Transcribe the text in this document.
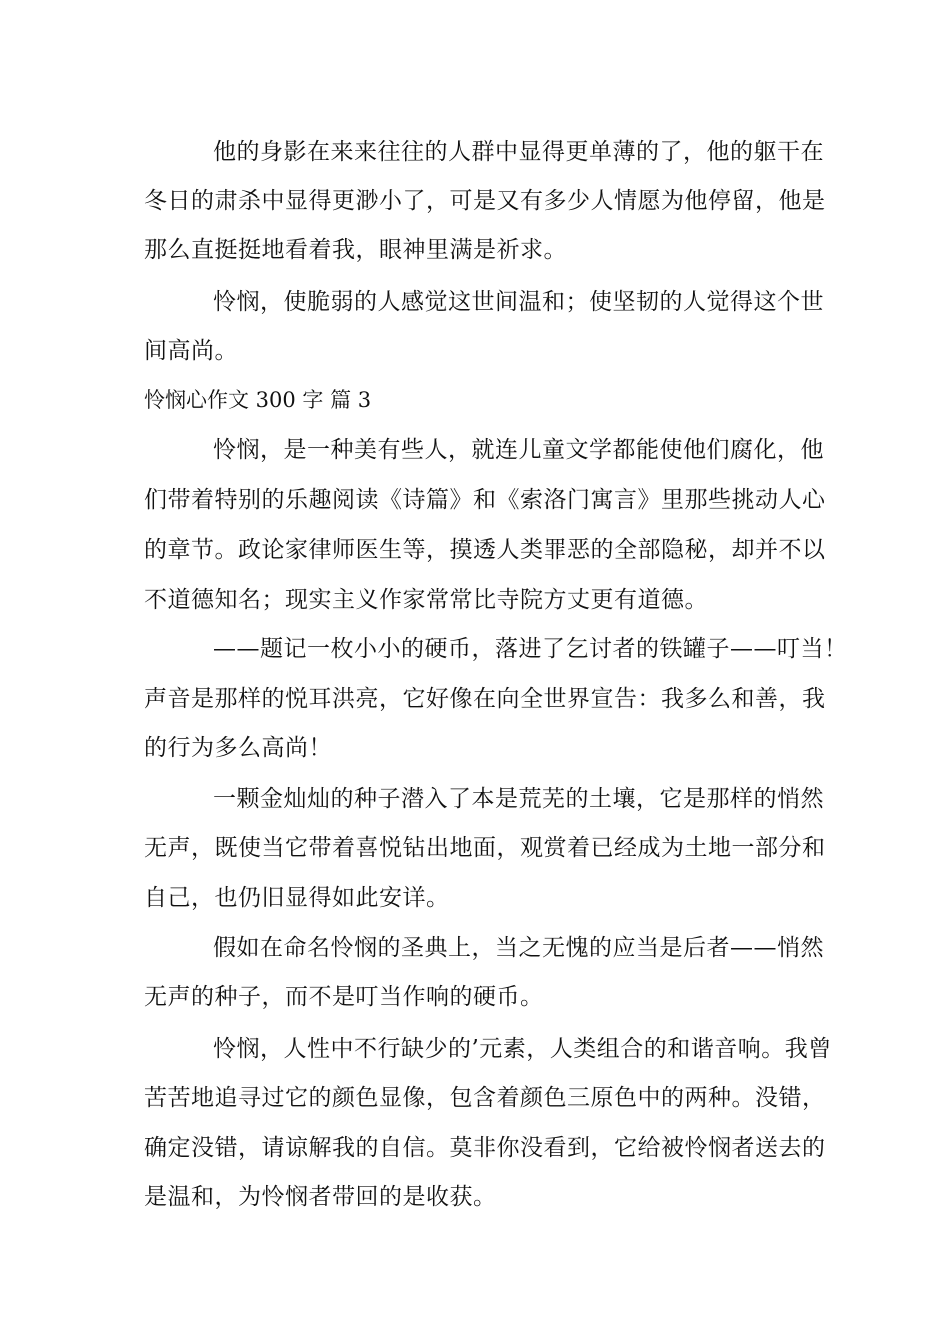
他的身影在来来往往的人群中显得更单薄的了，他的躯干在
冬日的肃杀中显得更渺小了，可是又有多少人情愿为他停留，他是
那么直挺挺地看着我，眼神里满是祈求。
怜悯，使脆弱的人感觉这世间温和；使坚韧的人觉得这个世
间高尚。
怜悯心作文 300 字 篇 3
怜悯，是一种美有些人，就连儿童文学都能使他们腐化，他
们带着特别的乐趣阅读《诗篇》和《索洛门寓言》里那些挑动人心
的章节。政论家律师医生等，摸透人类罪恶的全部隐秘，却并不以
不道德知名；现实主义作家常常比寺院方丈更有道德。
——题记一枚小小的硬币，落进了乞讨者的铁罐子——叮当！
声音是那样的悦耳洪亮，它好像在向全世界宣告：我多么和善，我
的行为多么高尚！
一颗金灿灿的种子潜入了本是荒芜的土壤，它是那样的悄然
无声，既使当它带着喜悦钻出地面，观赏着已经成为土地一部分和
自己，也仍旧显得如此安详。
假如在命名怜悯的圣典上，当之无愧的应当是后者——悄然
无声的种子，而不是叮当作响的硬币。
怜悯，人性中不行缺少的’元素，人类组合的和谐音响。我曾
苦苦地追寻过它的颜色显像，包含着颜色三原色中的两种。没错，
确定没错，请谅解我的自信。莫非你没看到，它给被怜悯者送去的
是温和，为怜悯者带回的是收获。
